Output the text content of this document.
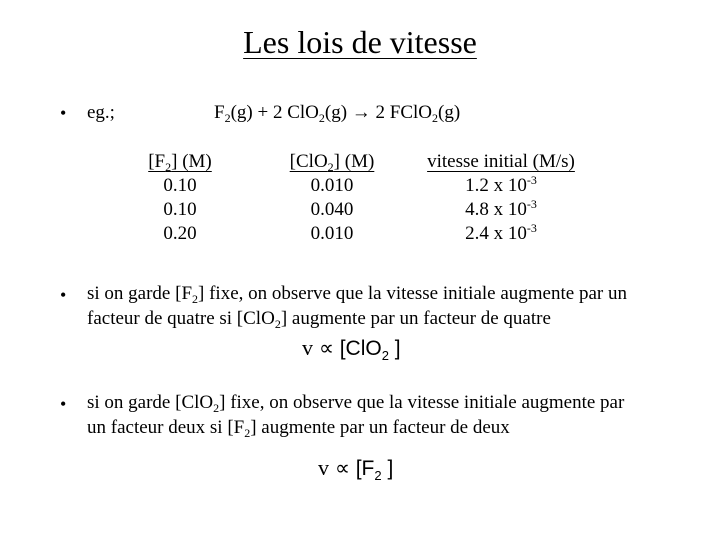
Les lois de vitesse
• eg.;	$F_2(g) + 2$ ClO$_2$(g) → 2 FClO$_2$(g)
$[F_2]$ (M)
0.10
0.10
0.20
[ClO$_2$] (M)
0.010
0.040
0.010
vitesse initial (M/s)
1.2 x $10^{-3}$
4.8 x $10^{-3}$
2.4 x $10^{-3}$
• si on garde $[F_2]$ fixe, on observe que la vitesse initiale augmente par un
facteur de quatre si [ClO$_2$] augmente par un facteur de quatre
v ∝ [ClO$_2$ ]
• si on garde [ClO$_2$] fixe, on observe que la vitesse initiale augmente par
un facteur deux si $[F_2]$ augmente par un facteur de deux
$v \propto [F_2$ ]
